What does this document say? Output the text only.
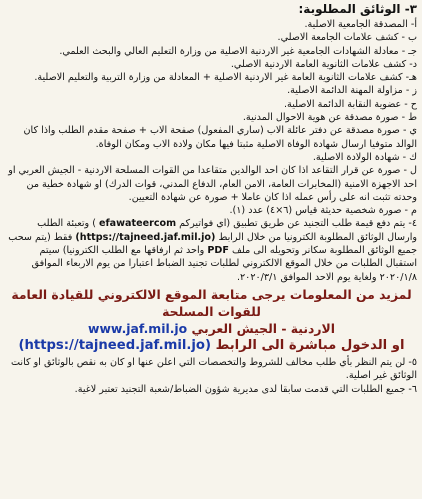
٣- الوثائق المطلوبة:

أ- المصدقة الجامعية الاصلية.

ب - كشف علامات الجامعة الاصلي.

جـ - معادلة الشهادات الجامعية غير الاردنية الاصلية من وزارة التعليم العالي والبحث العلمي.

د- كشف علامات الثانوية العامة الاردنية الاصلي.

هـ- كشف علامات الثانوية العامة غير الاردنية الاصلية + المعادلة من وزارة التربية والتعليم الاصلية.

ز - مزاولة المهنة الدائمة الاصلية.

ح - عضوية النقابة الدائمة الاصلية.

ط - صورة مصدقة عن هوية الاحوال المدنية.

ي - صورة مصدقة عن دفتر عائلة الاب (ساري المفعول) صفحة الاب + صفحة مقدم الطلب واذا كان الوالد متوفيا ارسال شهادة الوفاة الاصلية مثبتا فيها مكان ولادة الاب ومكان الوفاة.

ك - شهادة الولادة الاصلية.

ل - صورة عن قرار التقاعد اذا كان احد الوالدين متقاعدا من القوات المسلحة الاردنية - الجيش العربي او احد الاجهزة الامنية (المخابرات العامة، الامن العام، الدفاع المدني، قوات الدرك) او شهادة خطية من وحدته تثبت انه على رأس عمله اذا كان عاملا + صورة عن شهادة التعيين.

م - صورة شخصية حديثة قياس (٦×٤) عدد (١).

٤- يتم دفع قيمة طلب التجنيد عن طريق تطبيق (اي فواتيركم efawateercom ) وتعبئة الطلب وارسال الوثائق المطلوبة الكترونيا من خلال الرابط (https://tajneed.jaf.mil.jo) فقط (يتم سحب جميع الوثائق المطلوبة سكانر وتحويله الى ملف PDF واحد ثم ارفاقها مع الطلب الكترونيا) سيتم استقبال الطلبات من خلال الموقع الالكتروني لطلبات تجنيد الضباط اعتبارا من يوم الاربعاء الموافق ٢٠٢٠/١/٨ ولغاية يوم الاحد الموافق ٢٠٢٠/٣/١.

لمزيد من المعلومات يرجى متابعة الموقع الالكتروني للقيادة العامة للقوات المسلحة
الاردنية - الجيش العربي www.jaf.mil.jo
او الدخول مباشرة الى الرابط (https://tajneed.jaf.mil.jo)

٥- لن يتم النظر بأي طلب مخالف للشروط والتخصصات التي اعلن عنها او كان به نقص بالوثائق او كانت الوثائق غير اصلية.

٦- جميع الطلبات التي قدمت سابقا لدى مديرية شؤون الضباط/شعبة التجنيد تعتبر لاغية.
